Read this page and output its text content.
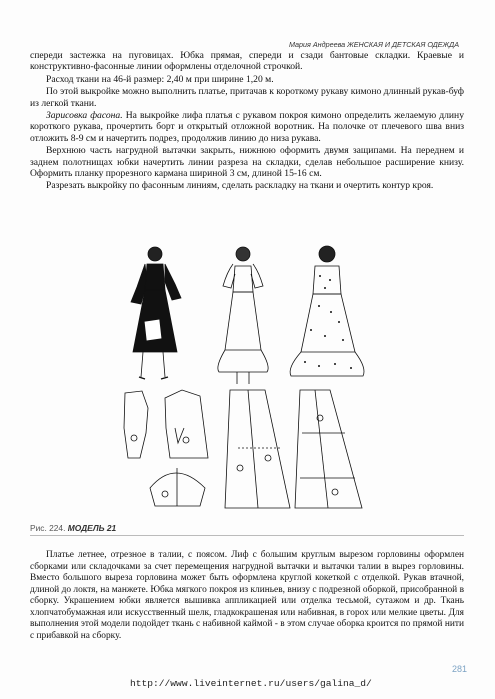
Мария Андреева ЖЕНСКАЯ И ДЕТСКАЯ ОДЕЖДА

спереди застежка на пуговицах. Юбка прямая, спереди и сзади бантовые складки. Краевые и конструктивно-фасонные линии оформлены отделочной строчкой.

Расход ткани на 46-й размер: 2,40 м при ширине 1,20 м.

По этой выкройке можно выполнить платье, притачав к короткому рукаву кимоно длинный рукав-буф из легкой ткани.

Зарисовка фасона. На выкройке лифа платья с рукавом покроя кимоно определить желаемую длину короткого рукава, прочертить борт и открытый отложной воротник. На полочке от плечевого шва вниз отложить 8-9 см и начертить подрез, продолжив линию до низа рукава.

Верхнюю часть нагрудной вытачки закрыть, нижнюю оформить двумя защипами. На переднем и заднем полотнищах юбки начертить линии разреза на складки, сделав небольшое расширение книзу. Оформить планку прорезного кармана шириной 3 см, длиной 15-16 см.

Разрезать выкройку по фасонным линиям, сделать раскладку на ткани и очертить контур кроя.

Рис. 224. МОДЕЛЬ 21

Платье летнее, отрезное в талии, с поясом. Лиф с большим круглым вырезом горловины оформлен сборками или складочками за счет перемещения нагрудной вытачки и вытачки талии в вырез горловины. Вместо большого выреза горловина может быть оформлена круглой кокеткой с отделкой. Рукав втачной, длиной до локтя, на манжете. Юбка мягкого покроя из клиньев, внизу с подрезной оборкой, присобранной в сборку. Украшением юбки является вышивка аппликацией или отделка тесьмой, сутажом и др. Ткань хлопчатобумажная или искусственный шелк, гладкокрашеная или набивная, в горох или мелкие цветы. Для выполнения этой модели подойдет ткань с набивной каймой - в этом случае оборка кроится по прямой нити с прибавкой на сборку.

281
http://www.liveinternet.ru/users/galina_d/
